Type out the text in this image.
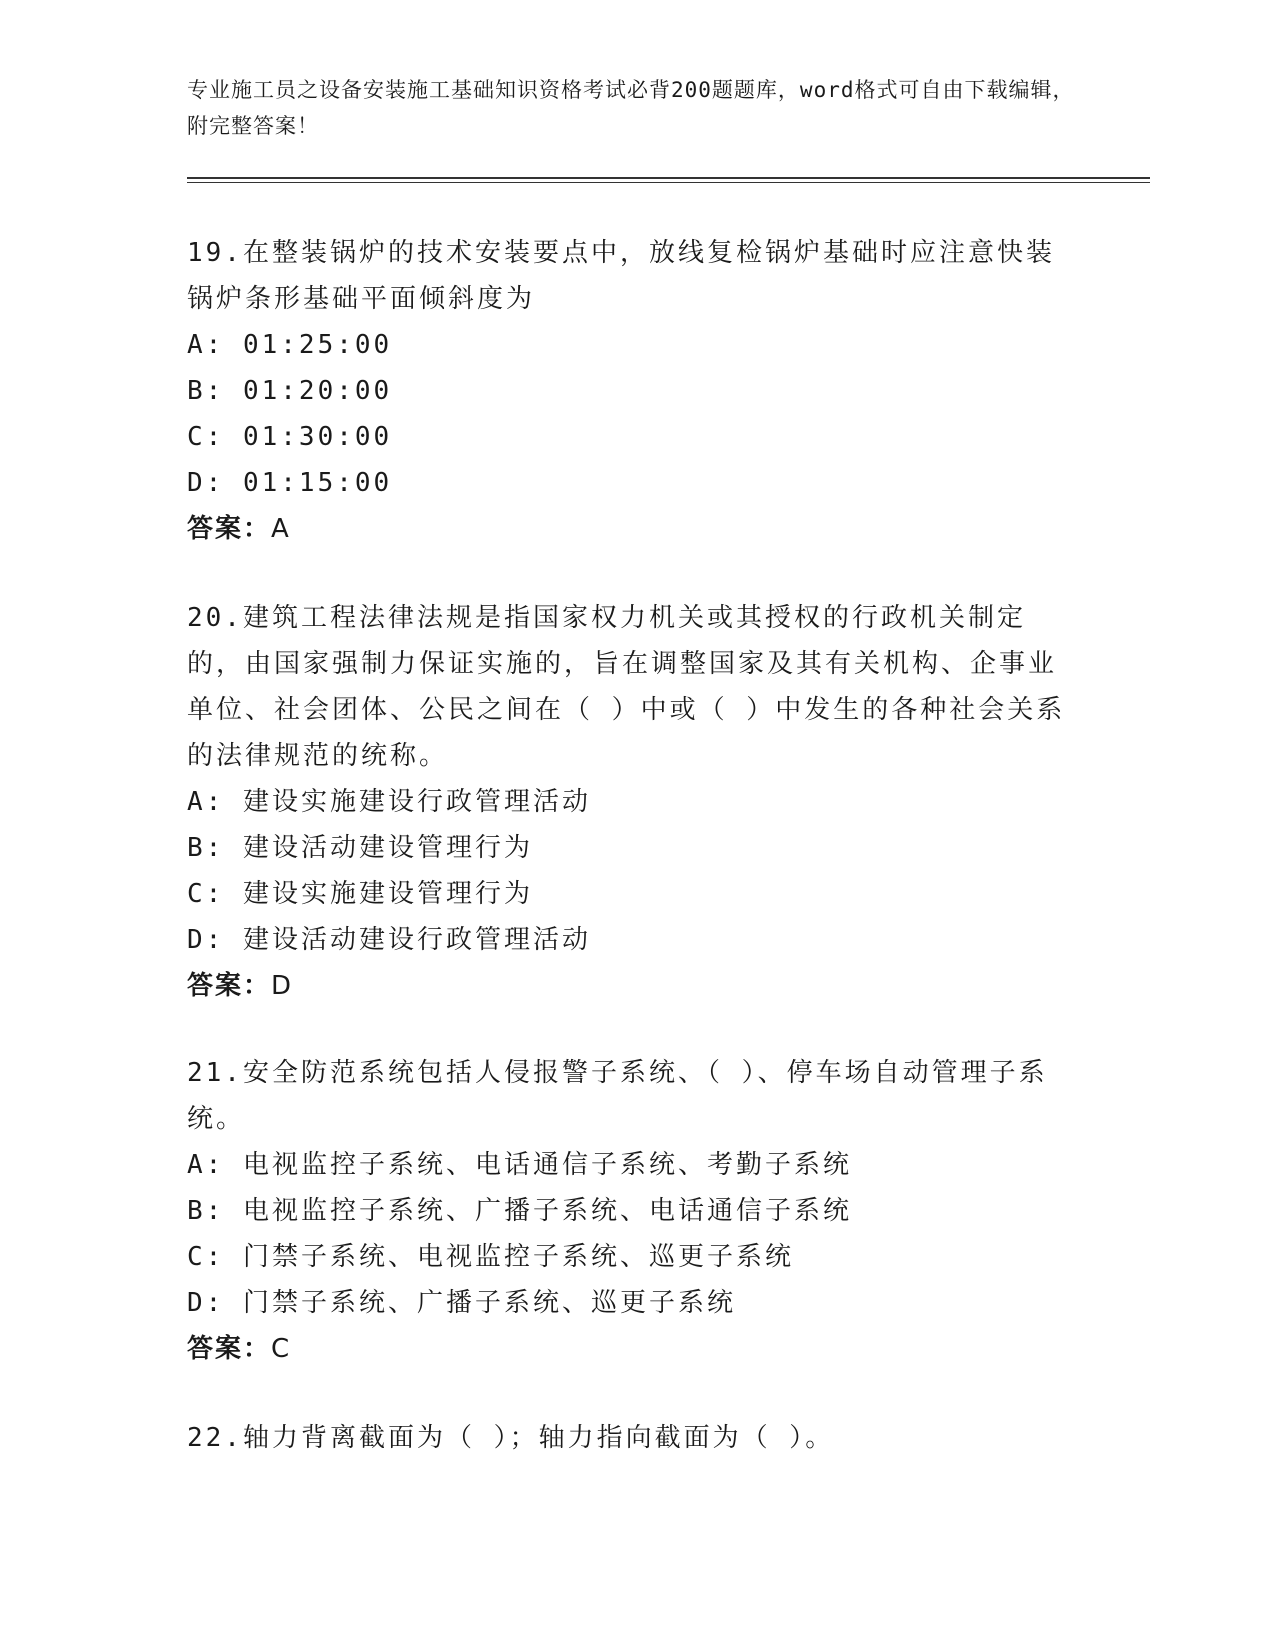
专业施工员之设备安装施工基础知识资格考试必背200题题库，word格式可自由下载编辑，附完整答案！

19.在整装锅炉的技术安装要点中，放线复检锅炉基础时应注意快装锅炉条形基础平面倾斜度为

A: 01:25:00

B: 01:20:00

C: 01:30:00

D: 01:15:00

答案：A

20.建筑工程法律法规是指国家权力机关或其授权的行政机关制定的，由国家强制力保证实施的，旨在调整国家及其有关机构、企事业单位、社会团体、公民之间在（ ）中或（ ）中发生的各种社会关系的法律规范的统称。

A: 建设实施建设行政管理活动

B: 建设活动建设管理行为

C: 建设实施建设管理行为

D: 建设活动建设行政管理活动

答案：D

21.安全防范系统包括人侵报警子系统、（ ）、停车场自动管理子系统。

A: 电视监控子系统、电话通信子系统、考勤子系统

B: 电视监控子系统、广播子系统、电话通信子系统

C: 门禁子系统、电视监控子系统、巡更子系统

D: 门禁子系统、广播子系统、巡更子系统

答案：C

22.轴力背离截面为（ ）；轴力指向截面为（ ）。
